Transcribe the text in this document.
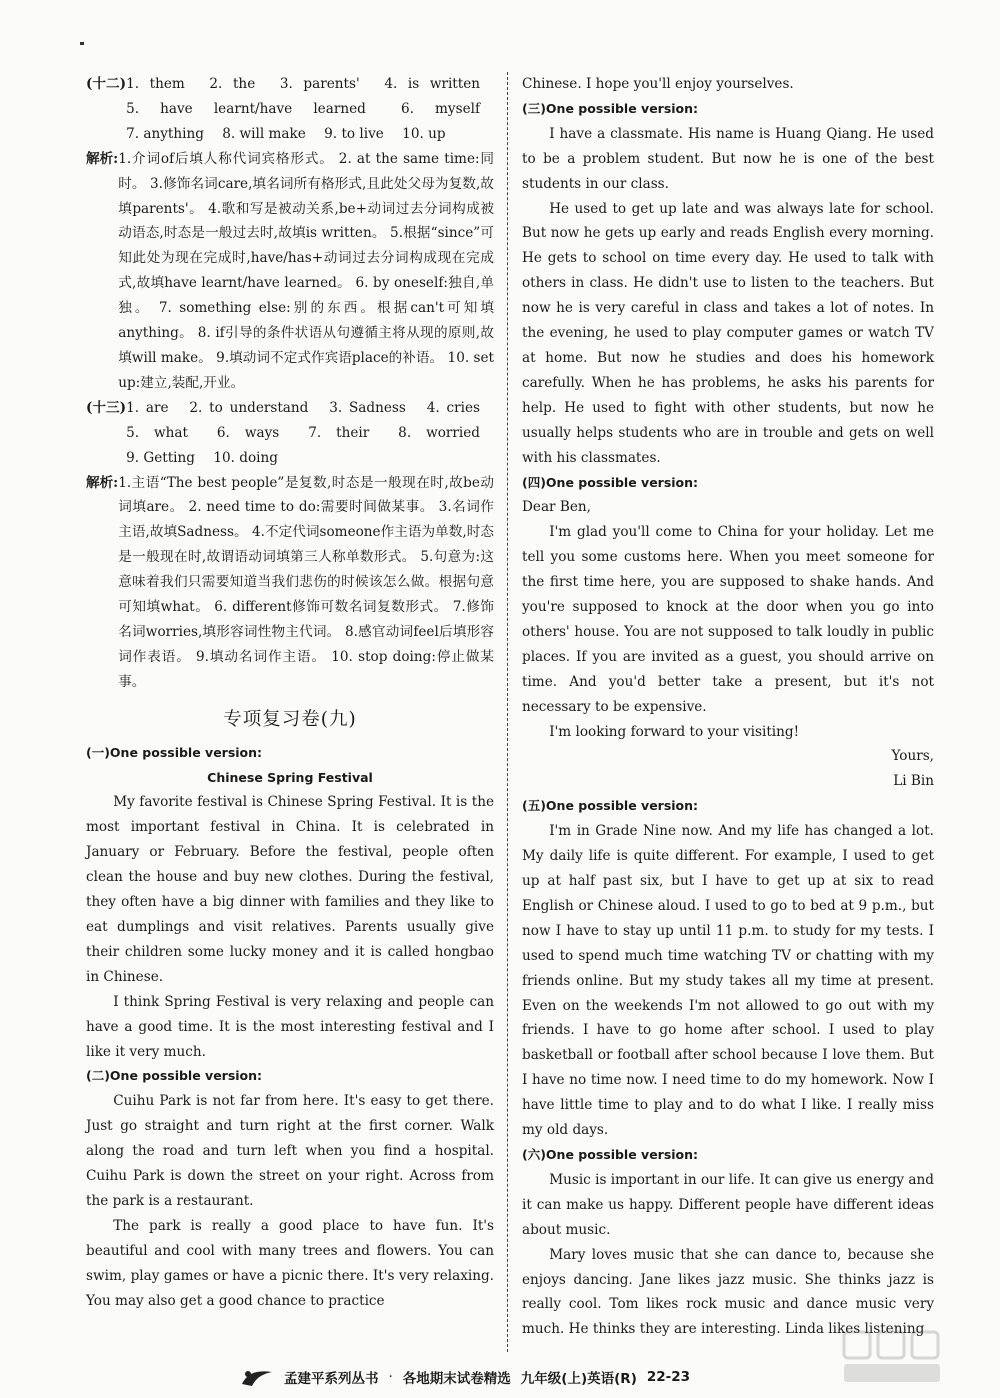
(十二) 1. them 2. the 3. parents' 4. is written 5. have learnt/have learned	6. myself 7. anything 8. will make 9. to live 10. up
解析: 1.介词of后填人称代词宾格形式。 2. at the same time:同时。 3.修饰名词care,填名词所有格形式,且此处父母为复数,故填parents'。 4.歌和写是被动关系,be+动词过去分词构成被动语态,时态是一般过去时,故填is written。 5.根据“since”可知此处为现在完成时,have/has+动词过去分词构成现在完成式,故填have learnt/have learned。 6. by oneself:独自,单独。 7. something else:别的东西。根据can't可知填anything。 8. if引导的条件状语从句遵循主将从现的原则,故填will make。 9.填动词不定式作宾语place的补语。 10. set up:建立,装配,开业。
(十三) 1. are 2. to understand 3. Sadness 4. cries 5. what 6. ways 7. their 8. worried 9. Getting 10. doing
解析: 1.主语“The best people”是复数,时态是一般现在时,故be动词填are。 2. need time to do:需要时间做某事。 3.名词作主语,故填Sadness。 4.不定代词someone作主语为单数,时态是一般现在时,故谓语动词填第三人称单数形式。 5.句意为:这意味着我们只需要知道当我们悲伤的时候该怎么做。根据句意可知填what。 6. different修饰可数名词复数形式。 7.修饰名词worries,填形容词性物主代词。 8.感官动词feel后填形容词作表语。 9.填动名词作主语。 10. stop doing:停止做某事。
专项复习卷(九)
(一)One possible version:
Chinese Spring Festival

My favorite festival is Chinese Spring Festival. It is the most important festival in China. It is celebrated in January or February. Before the festival, people often clean the house and buy new clothes. During the festival, they often have a big dinner with families and they like to eat dumplings and visit relatives. Parents usually give their children some lucky money and it is called hongbao in Chinese.

I think Spring Festival is very relaxing and people can have a good time. It is the most interesting festival and I like it very much.

(二)One possible version:

Cuihu Park is not far from here. It's easy to get there. Just go straight and turn right at the first corner. Walk along the road and turn left when you find a hospital. Cuihu Park is down the street on your right. Across from the park is a restaurant.

The park is really a good place to have fun. It's beautiful and cool with many trees and flowers. You can swim, play games or have a picnic there. It's very relaxing. You may also get a good chance to practice

Chinese. I hope you'll enjoy yourselves.

(三)One possible version:

I have a classmate. His name is Huang Qiang. He used to be a problem student. But now he is one of the best students in our class.

He used to get up late and was always late for school. But now he gets up early and reads English every morning. He gets to school on time every day. He used to talk with others in class. He didn't use to listen to the teachers. But now he is very careful in class and takes a lot of notes. In the evening, he used to play computer games or watch TV at home. But now he studies and does his homework carefully. When he has problems, he asks his parents for help. He used to fight with other students, but now he usually helps students who are in trouble and gets on well with his classmates.

(四)One possible version:

Dear Ben,

I'm glad you'll come to China for your holiday. Let me tell you some customs here. When you meet someone for the first time here, you are supposed to shake hands. And you're supposed to knock at the door when you go into others' house. You are not supposed to talk loudly in public places. If you are invited as a guest, you should arrive on time. And you'd better take a present, but it's not necessary to be expensive.

I'm looking forward to your visiting!

Yours,

Li Bin

(五)One possible version:

I'm in Grade Nine now. And my life has changed a lot. My daily life is quite different. For example, I used to get up at half past six, but I have to get up at six to read English or Chinese aloud. I used to go to bed at 9 p.m., but now I have to stay up until 11 p.m. to study for my tests. I used to spend much time watching TV or chatting with my friends online. But my study takes all my time at present. Even on the weekends I'm not allowed to go out with my friends. I have to go home after school. I used to play basketball or football after school because I love them. But I have no time now. I need time to do my homework. Now I have little time to play and to do what I like. I really miss my old days.

(六)One possible version:

Music is important in our life. It can give us energy and it can make us happy. Different people have different ideas about music.

Mary loves music that she can dance to, because she enjoys dancing. Jane likes jazz music. She thinks jazz is really cool. Tom likes rock music and dance music very much. He thinks they are interesting. Linda likes listening

孟建平系列丛书 · 各地期末试卷精选 九年级(上)英语(R) 22-23
